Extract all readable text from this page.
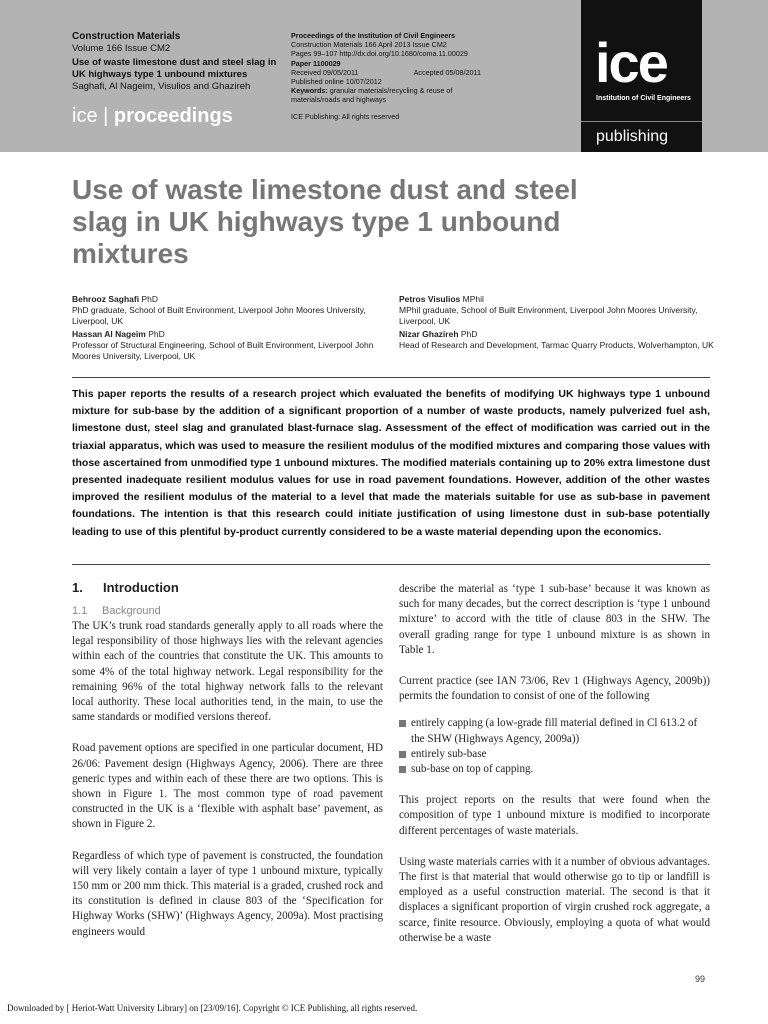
Construction Materials
Volume 166 Issue CM2
Use of waste limestone dust and steel slag in UK highways type 1 unbound mixtures
Saghafi, Al Nageim, Visulios and Ghazireh
ice | proceedings
Proceedings of the Institution of Civil Engineers
Construction Materials 166 April 2013 Issue CM2
Pages 99–107 http://dx.doi.org/10.1680/coma.11.00029
Paper 1100029
Received 09/05/2011	Accepted 05/08/2011
Published online 10/07/2012
Keywords: granular materials/recycling & reuse of materials/roads and highways
ICE Publishing: All rights reserved
ice
Institution of Civil Engineers
publishing
Use of waste limestone dust and steel slag in UK highways type 1 unbound mixtures
Behrooz Saghafi PhD
PhD graduate, School of Built Environment, Liverpool John Moores University, Liverpool, UK
Hassan Al Nageim PhD
Professor of Structural Engineering, School of Built Environment, Liverpool John Moores University, Liverpool, UK
Petros Visulios MPhil
MPhil graduate, School of Built Environment, Liverpool John Moores University, Liverpool, UK
Nizar Ghazireh PhD
Head of Research and Development, Tarmac Quarry Products, Wolverhampton, UK
This paper reports the results of a research project which evaluated the benefits of modifying UK highways type 1 unbound mixture for sub-base by the addition of a significant proportion of a number of waste products, namely pulverized fuel ash, limestone dust, steel slag and granulated blast-furnace slag. Assessment of the effect of modification was carried out in the triaxial apparatus, which was used to measure the resilient modulus of the modified mixtures and comparing those values with those ascertained from unmodified type 1 unbound mixtures. The modified materials containing up to 20% extra limestone dust presented inadequate resilient modulus values for use in road pavement foundations. However, addition of the other wastes improved the resilient modulus of the material to a level that made the materials suitable for use as sub-base in pavement foundations. The intention is that this research could initiate justification of using limestone dust in sub-base potentially leading to use of this plentiful by-product currently considered to be a waste material depending upon the economics.
1. Introduction
1.1 Background

The UK’s trunk road standards generally apply to all roads where the legal responsibility of those highways lies with the relevant agencies within each of the countries that constitute the UK. This amounts to some 4% of the total highway network. Legal responsibility for the remaining 96% of the total highway network falls to the relevant local authority. These local authorities tend, in the main, to use the same standards or modified versions thereof.

Road pavement options are specified in one particular document, HD 26/06: Pavement design (Highways Agency, 2006). There are three generic types and within each of these there are two options. This is shown in Figure 1. The most common type of road pavement constructed in the UK is a ‘flexible with asphalt base’ pavement, as shown in Figure 2.

Regardless of which type of pavement is constructed, the foundation will very likely contain a layer of type 1 unbound mixture, typically 150 mm or 200 mm thick. This material is a graded, crushed rock and its constitution is defined in clause 803 of the ‘Specification for Highway Works (SHW)’ (Highways Agency, 2009a). Most practising engineers would

describe the material as ‘type 1 sub-base’ because it was known as such for many decades, but the correct description is ‘type 1 unbound mixture’ to accord with the title of clause 803 in the SHW. The overall grading range for type 1 unbound mixture is as shown in Table 1.

Current practice (see IAN 73/06, Rev 1 (Highways Agency, 2009b)) permits the foundation to consist of one of the following

entirely capping (a low-grade fill material defined in Cl 613.2 of the SHW (Highways Agency, 2009a))
entirely sub-base
sub-base on top of capping.

This project reports on the results that were found when the composition of type 1 unbound mixture is modified to incorporate different percentages of waste materials.

Using waste materials carries with it a number of obvious advantages. The first is that material that would otherwise go to tip or landfill is employed as a useful construction material. The second is that it displaces a significant proportion of virgin crushed rock aggregate, a scarce, finite resource. Obviously, employing a quota of what would otherwise be a waste

99
Downloaded by [ Heriot-Watt University Library] on [23/09/16]. Copyright © ICE Publishing, all rights reserved.
